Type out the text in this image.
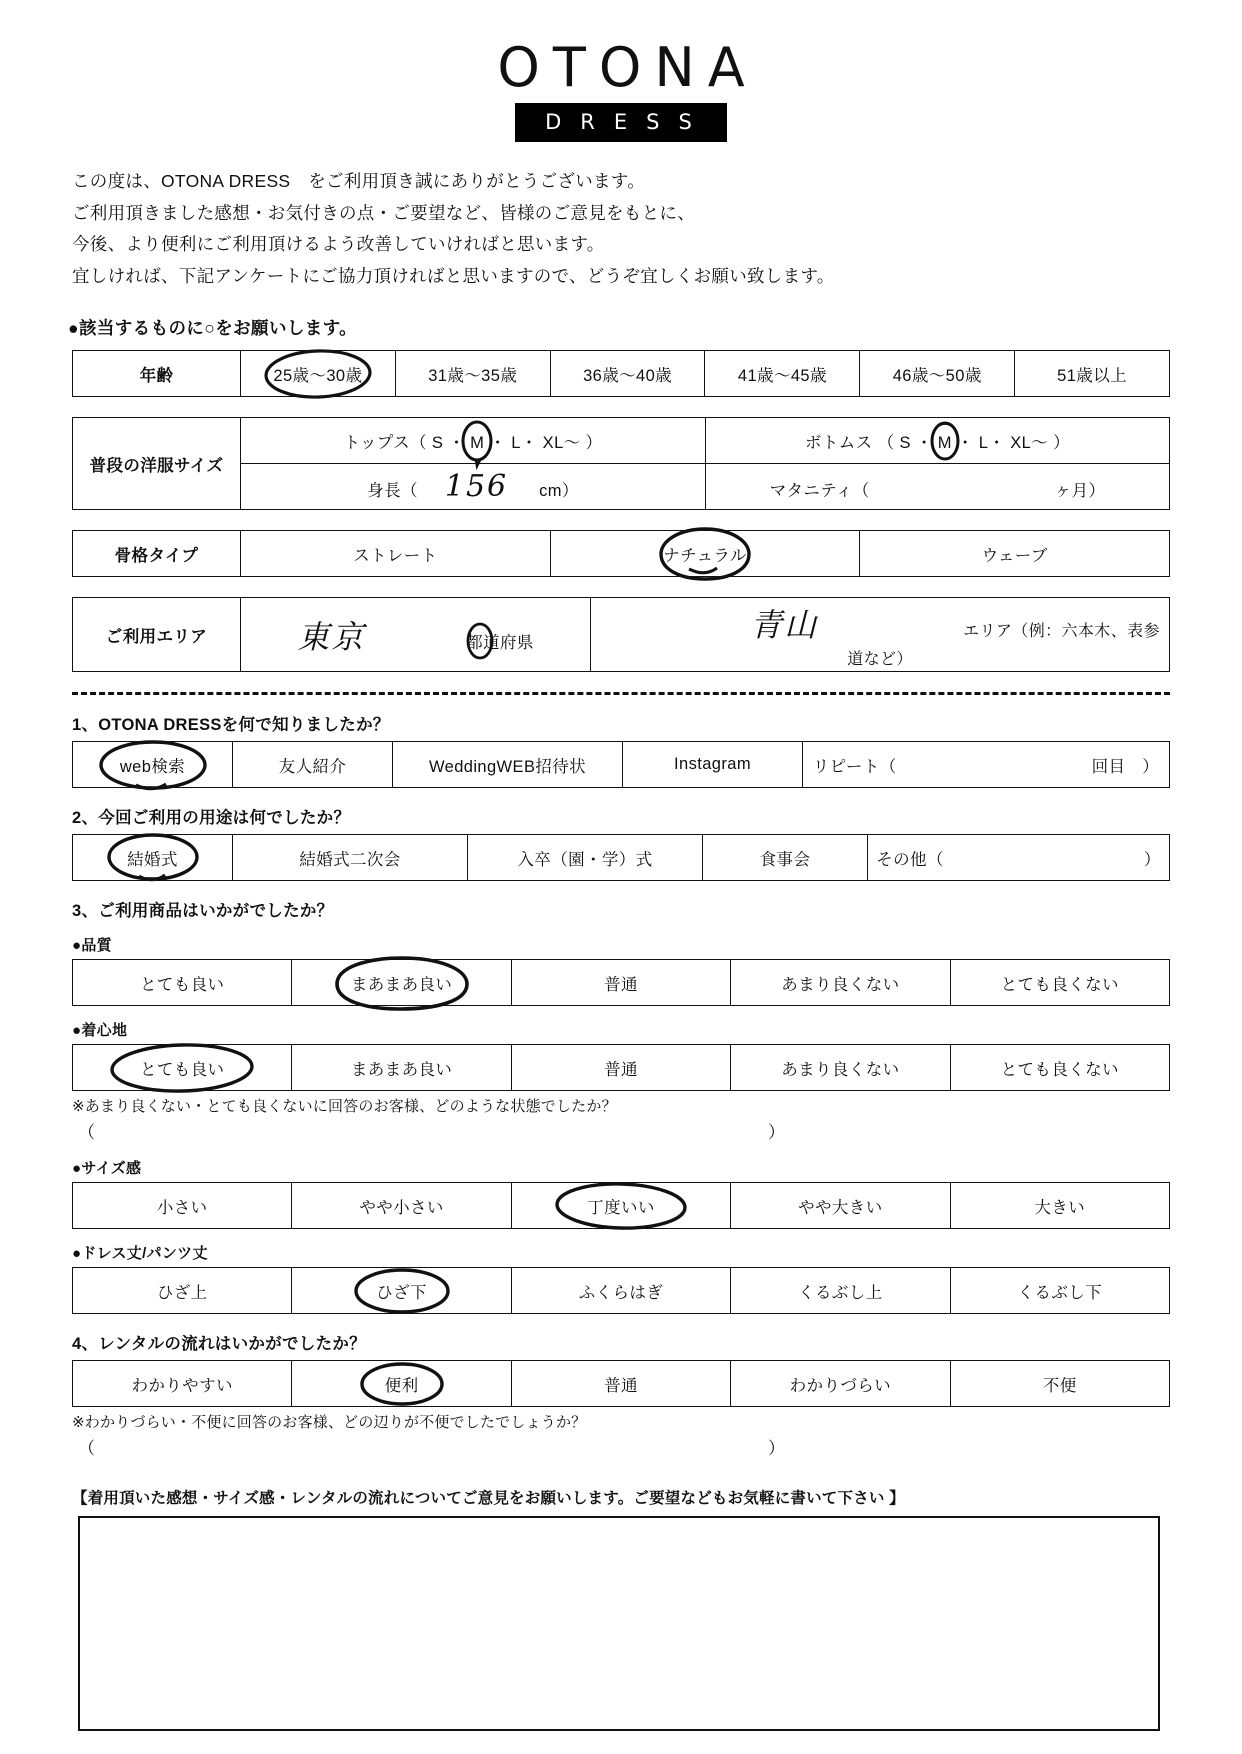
OTONA
DRESS
この度は、OTONA DRESS　をご利用頂き誠にありがとうございます。
ご利用頂きました感想・お気付きの点・ご要望など、皆様のご意見をもとに、
今後、より便利にご利用頂けるよう改善していければと思います。
宜しければ、下記アンケートにご協力頂ければと思いますので、どうぞ宜しくお願い致します。
●該当するものに○をお願いします。
年齢	25歳～30歳	31歳～35歳	36歳～40歳	41歳～45歳	46歳～50歳	51歳以上
普段の洋服サイズ	トップス（ S ・ M ・ L・ XL～ ）	ボトムス （ S ・ M ・ L・ XL～ ）
	身長（ 156 cm）	マタニティ（ ヶ月）
骨格タイプ	ストレート	ナチュラル	ウェーブ
ご利用エリア	東京	都道府県	青山	エリア（例：六本木、表参道など）
1、OTONA DRESSを何で知りましたか？
web検索	友人紹介	WeddingWEB招待状	Instagram	リピート（	回目　）
2、今回ご利用の用途は何でしたか？
結婚式	結婚式二次会	入卒（園・学）式	食事会	その他（	）
3、ご利用商品はいかがでしたか？
●品質
とても良い	まあまあ良い	普通	あまり良くない	とても良くない
●着心地
とても良い	まあまあ良い	普通	あまり良くない	とても良くない
※あまり良くない・とても良くないに回答のお客様、どのような状態でしたか？
（	）
●サイズ感
小さい	やや小さい	丁度いい	やや大きい	大きい
●ドレス丈/パンツ丈
ひざ上	ひざ下	ふくらはぎ	くるぶし上	くるぶし下
4、レンタルの流れはいかがでしたか？
わかりやすい	便利	普通	わかりづらい	不便
※わかりづらい・不便に回答のお客様、どの辺りが不便でしたでしょうか？
（	）
【着用頂いた感想・サイズ感・レンタルの流れについてご意見をお願いします。ご要望などもお気軽に書いて下さい 】
